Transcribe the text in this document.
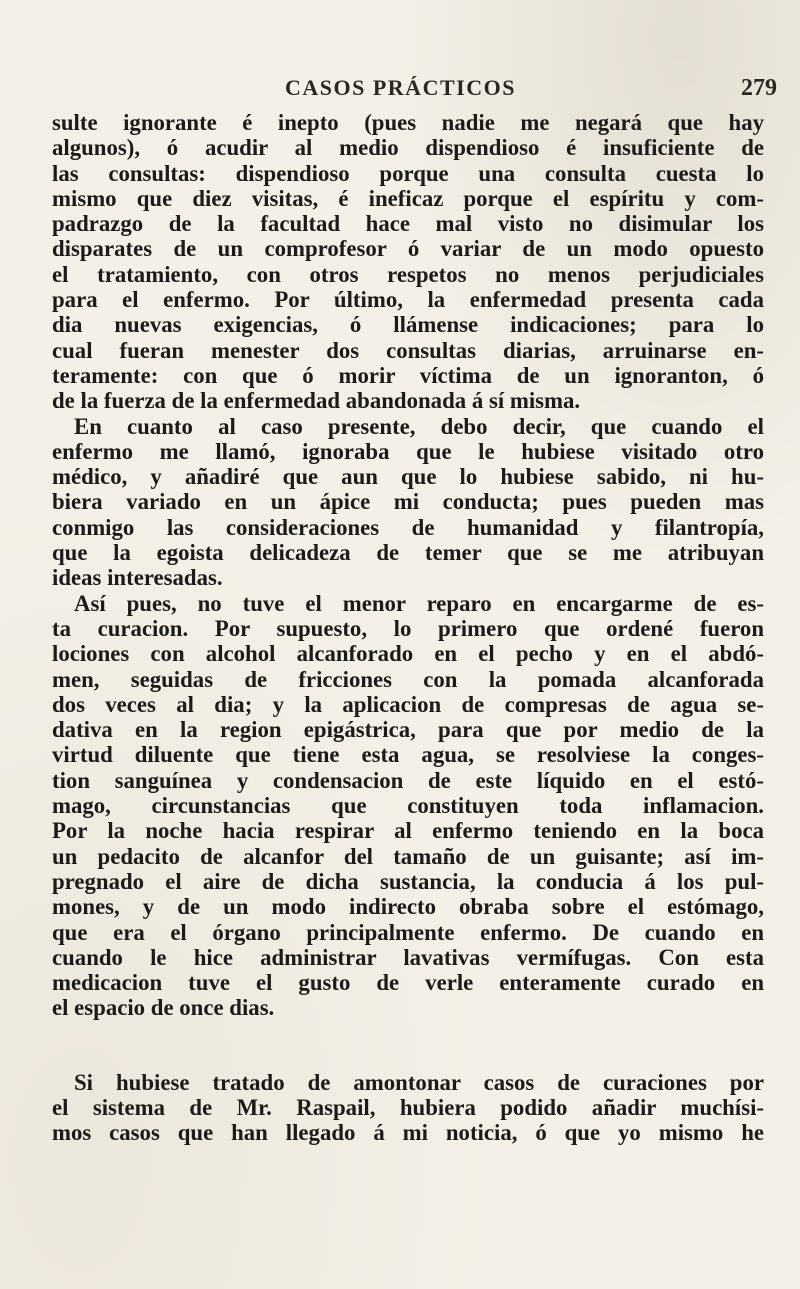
CASOS PRÁCTICOS	279
sulte ignorante é inepto (pues nadie me negará que hay
algunos), ó acudir al medio dispendioso é insuficiente de
las consultas: dispendioso porque una consulta cuesta lo
mismo que diez visitas, é ineficaz porque el espíritu y com-
padrazgo de la facultad hace mal visto no disimular los
disparates de un comprofesor ó variar de un modo opuesto
el tratamiento, con otros respetos no menos perjudiciales
para el enfermo. Por último, la enfermedad presenta cada
dia nuevas exigencias, ó llámense indicaciones; para lo
cual fueran menester dos consultas diarias, arruinarse en-
teramente: con que ó morir víctima de un ignoranton, ó
de la fuerza de la enfermedad abandonada á sí misma.
En cuanto al caso presente, debo decir, que cuando el
enfermo me llamó, ignoraba que le hubiese visitado otro
médico, y añadiré que aun que lo hubiese sabido, ni hu-
biera variado en un ápice mi conducta; pues pueden mas
conmigo las consideraciones de humanidad y filantropía,
que la egoista delicadeza de temer que se me atribuyan
ideas interesadas.
Así pues, no tuve el menor reparo en encargarme de es-
ta curacion. Por supuesto, lo primero que ordené fueron
lociones con alcohol alcanforado en el pecho y en el abdó-
men, seguidas de fricciones con la pomada alcanforada
dos veces al dia; y la aplicacion de compresas de agua se-
dativa en la region epigástrica, para que por medio de la
virtud diluente que tiene esta agua, se resolviese la conges-
tion sanguínea y condensacion de este líquido en el estó-
mago, circunstancias que constituyen toda inflamacion.
Por la noche hacia respirar al enfermo teniendo en la boca
un pedacito de alcanfor del tamaño de un guisante; así im-
pregnado el aire de dicha sustancia, la conducia á los pul-
mones, y de un modo indirecto obraba sobre el estómago,
que era el órgano principalmente enfermo. De cuando en
cuando le hice administrar lavativas vermífugas. Con esta
medicacion tuve el gusto de verle enteramente curado en
el espacio de once dias.
Si hubiese tratado de amontonar casos de curaciones por
el sistema de Mr. Raspail, hubiera podido añadir muchísi-
mos casos que han llegado á mi noticia, ó que yo mismo he
